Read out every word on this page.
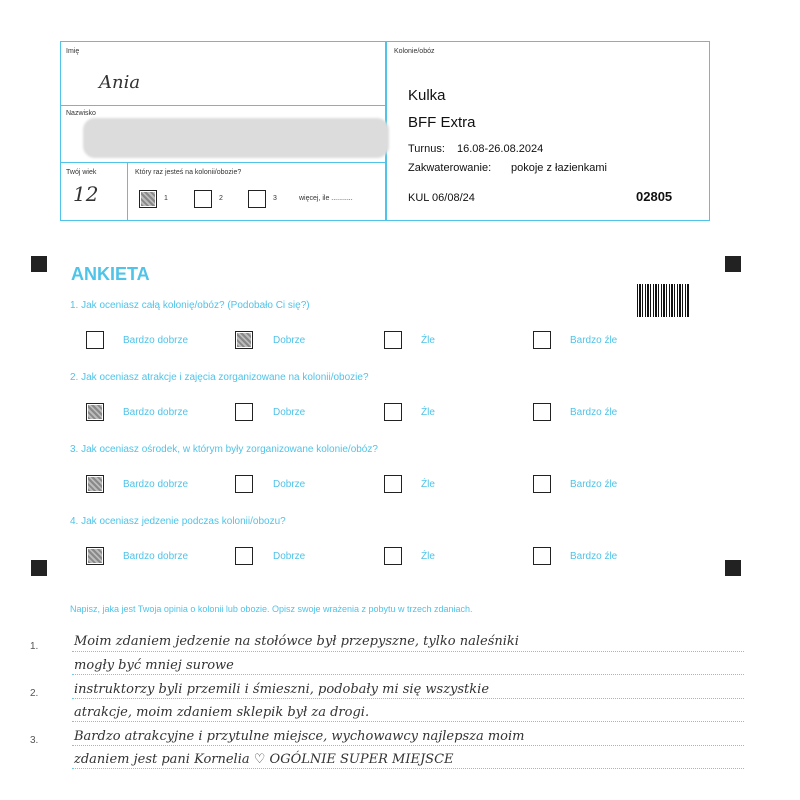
Imię
Ania
Nazwisko
Twój wiek
12
Który raz jesteś na kolonii/obozie?
1	2	3	więcej, ile ...........
Kolonie/obóz
Kulka
BFF Extra
Turnus: 16.08-26.08.2024
Zakwaterowanie: pokoje z łazienkami
KUL 06/08/24	02805
ANKIETA
1. Jak oceniasz całą kolonię/obóz? (Podobało Ci się?)
Bardzo dobrze	Dobrze	Źle	Bardzo źle
2. Jak oceniasz atrakcje i zajęcia zorganizowane na kolonii/obozie?
Bardzo dobrze	Dobrze	Źle	Bardzo źle
3. Jak oceniasz ośrodek, w którym były zorganizowane kolonie/obóz?
Bardzo dobrze	Dobrze	Źle	Bardzo źle
4. Jak oceniasz jedzenie podczas kolonii/obozu?
Bardzo dobrze	Dobrze	Źle	Bardzo źle
Napisz, jaka jest Twoja opinia o kolonii lub obozie. Opisz swoje wrażenia z pobytu w trzech zdaniach.
1.
2.
3.
Moim zdaniem jedzenie na stołówce był przepyszne, tylko naleśniki
mogły być mniej surowe
instruktorzy byli przemili i śmieszni, podobały mi się wszystkie
atrakcje, moim zdaniem sklepik był za drogi.
Bardzo atrakcyjne i przytulne miejsce, wychowawcy najlepsza moim
zdaniem jest pani Kornelia ♡ OGÓLNIE SUPER MIEJSCE
